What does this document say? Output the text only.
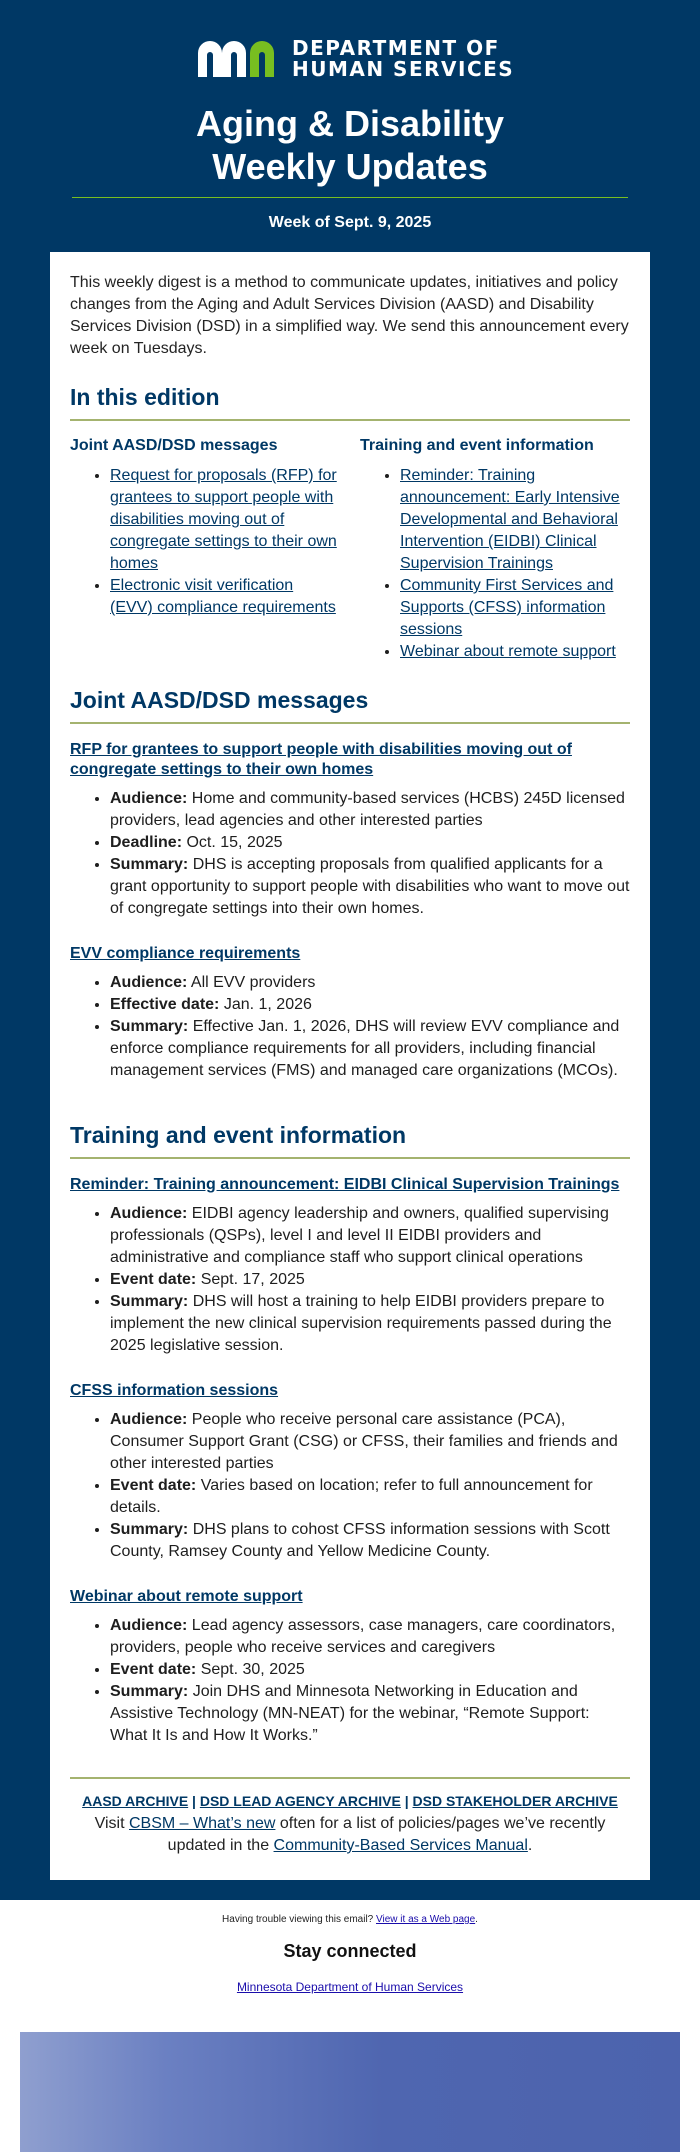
DEPARTMENT OF
HUMAN SERVICES
Aging & Disability
Weekly Updates
Week of Sept. 9, 2025

This weekly digest is a method to communicate updates, initiatives and policy changes from the Aging and Adult Services Division (AASD) and Disability Services Division (DSD) in a simplified way. We send this announcement every week on Tuesdays.

In this edition
Joint AASD/DSD messages
• Request for proposals (RFP) for grantees to support people with disabilities moving out of congregate settings to their own homes
• Electronic visit verification (EVV) compliance requirements
Training and event information
• Reminder: Training announcement: Early Intensive Developmental and Behavioral Intervention (EIDBI) Clinical Supervision Trainings
• Community First Services and Supports (CFSS) information sessions
• Webinar about remote support
Joint AASD/DSD messages
RFP for grantees to support people with disabilities moving out of congregate settings to their own homes
• Audience: Home and community-based services (HCBS) 245D licensed providers, lead agencies and other interested parties
• Deadline: Oct. 15, 2025
• Summary: DHS is accepting proposals from qualified applicants for a grant opportunity to support people with disabilities who want to move out of congregate settings into their own homes.
EVV compliance requirements
• Audience: All EVV providers
• Effective date: Jan. 1, 2026
• Summary: Effective Jan. 1, 2026, DHS will review EVV compliance and enforce compliance requirements for all providers, including financial management services (FMS) and managed care organizations (MCOs).
Training and event information
Reminder: Training announcement: EIDBI Clinical Supervision Trainings
• Audience: EIDBI agency leadership and owners, qualified supervising professionals (QSPs), level I and level II EIDBI providers and administrative and compliance staff who support clinical operations
• Event date: Sept. 17, 2025
• Summary: DHS will host a training to help EIDBI providers prepare to implement the new clinical supervision requirements passed during the 2025 legislative session.
CFSS information sessions
• Audience: People who receive personal care assistance (PCA), Consumer Support Grant (CSG) or CFSS, their families and friends and other interested parties
• Event date: Varies based on location; refer to full announcement for details.
• Summary: DHS plans to cohost CFSS information sessions with Scott County, Ramsey County and Yellow Medicine County.
Webinar about remote support
• Audience: Lead agency assessors, case managers, care coordinators, providers, people who receive services and caregivers
• Event date: Sept. 30, 2025
• Summary: Join DHS and Minnesota Networking in Education and Assistive Technology (MN-NEAT) for the webinar, “Remote Support: What It Is and How It Works.”
AASD ARCHIVE | DSD LEAD AGENCY ARCHIVE | DSD STAKEHOLDER ARCHIVE
Visit CBSM – What’s new often for a list of policies/pages we’ve recently updated in the Community-Based Services Manual.
Having trouble viewing this email? View it as a Web page.
Stay connected
Minnesota Department of Human Services
